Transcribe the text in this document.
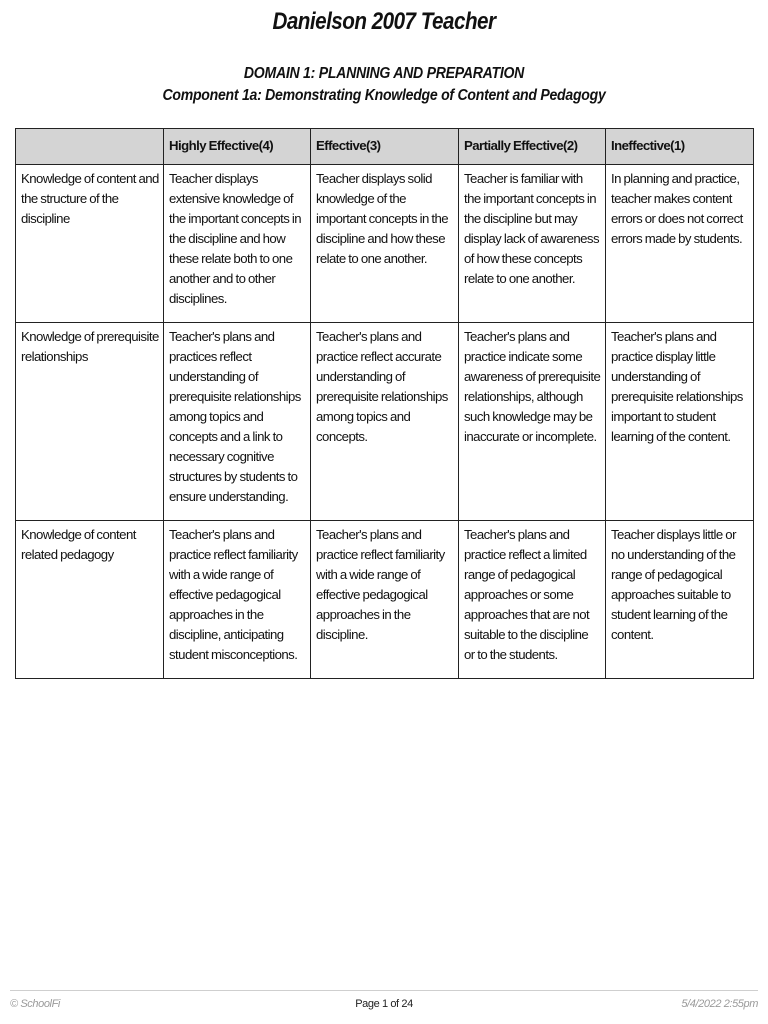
Danielson 2007 Teacher
DOMAIN 1: PLANNING AND PREPARATION
Component 1a: Demonstrating Knowledge of Content and Pedagogy
	Highly Effective(4)	Effective(3)	Partially Effective(2)	Ineffective(1)

Knowledge of content and the structure of the discipline	Teacher displays extensive knowledge of the important concepts in the discipline and how these relate both to one another and to other disciplines.	Teacher displays solid knowledge of the important concepts in the discipline and how these relate to one another.	Teacher is familiar with the important concepts in the discipline but may display lack of awareness of how these concepts relate to one another.	In planning and practice, teacher makes content errors or does not correct errors made by students.

Knowledge of prerequisite relationships	Teacher's plans and practices reflect understanding of prerequisite relationships among topics and concepts and a link to necessary cognitive structures by students to ensure understanding.	Teacher's plans and practice reflect accurate understanding of prerequisite relationships among topics and concepts.	Teacher's plans and practice indicate some awareness of prerequisite relationships, although such knowledge may be inaccurate or incomplete.	Teacher's plans and practice display little understanding of prerequisite relationships important to student learning of the content.

Knowledge of content related pedagogy	Teacher's plans and practice reflect familiarity with a wide range of effective pedagogical approaches in the discipline, anticipating student misconceptions.	Teacher's plans and practice reflect familiarity with a wide range of effective pedagogical approaches in the discipline.	Teacher's plans and practice reflect a limited range of pedagogical approaches or some approaches that are not suitable to the discipline or to the students.	Teacher displays little or no understanding of the range of pedagogical approaches suitable to student learning of the content.
© SchoolFi	Page 1 of 24	5/4/2022 2:55pm
